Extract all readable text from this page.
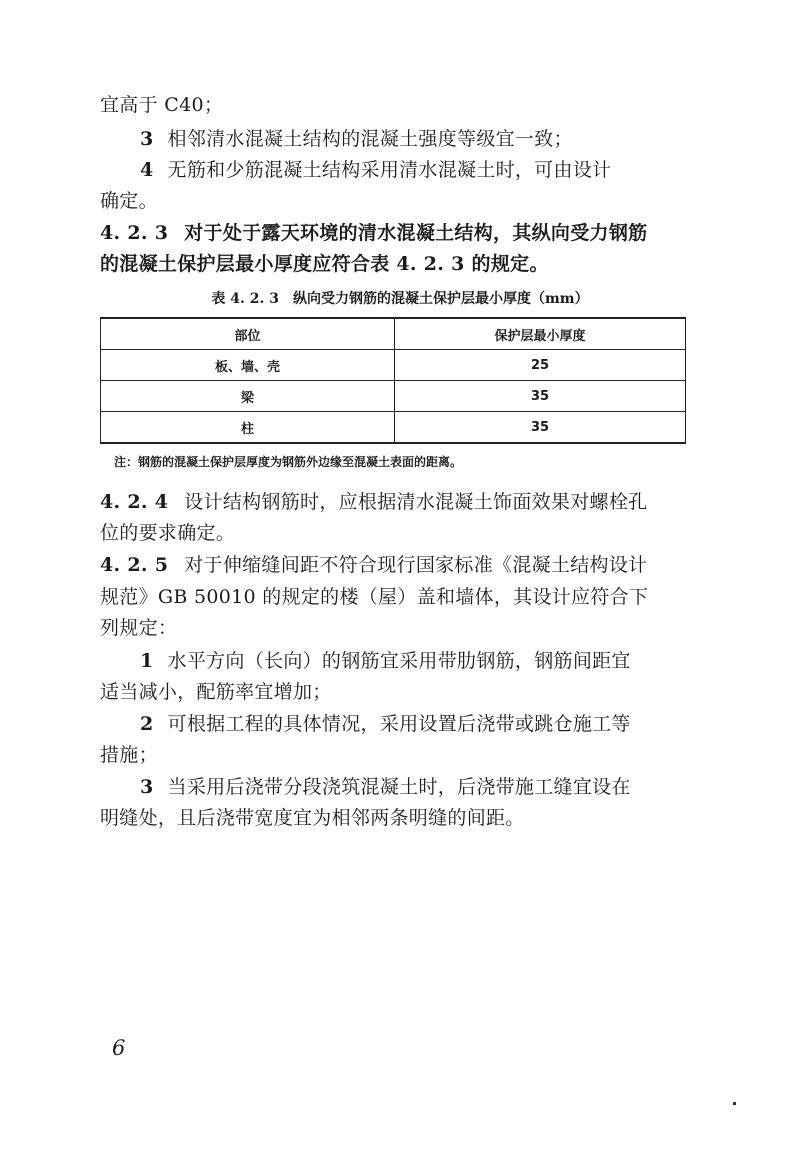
宜高于 C40；
3 相邻清水混凝土结构的混凝土强度等级宜一致；
4 无筋和少筋混凝土结构采用清水混凝土时，可由设计
确定。
4. 2. 3 对于处于露天环境的清水混凝土结构，其纵向受力钢筋
的混凝土保护层最小厚度应符合表 4. 2. 3 的规定。
表 4. 2. 3 纵向受力钢筋的混凝土保护层最小厚度（mm）
部位	保护层最小厚度
板、墙、壳	25
梁	35
柱	35
注：钢筋的混凝土保护层厚度为钢筋外边缘至混凝土表面的距离。
4. 2. 4 设计结构钢筋时，应根据清水混凝土饰面效果对螺栓孔
位的要求确定。
4. 2. 5 对于伸缩缝间距不符合现行国家标准《混凝土结构设计
规范》GB 50010 的规定的楼（屋）盖和墙体，其设计应符合下
列规定：
1 水平方向（长向）的钢筋宜采用带肋钢筋，钢筋间距宜
适当减小，配筋率宜增加；
2 可根据工程的具体情况，采用设置后浇带或跳仓施工等
措施；
3 当采用后浇带分段浇筑混凝土时，后浇带施工缝宜设在
明缝处，且后浇带宽度宜为相邻两条明缝的间距。
6
